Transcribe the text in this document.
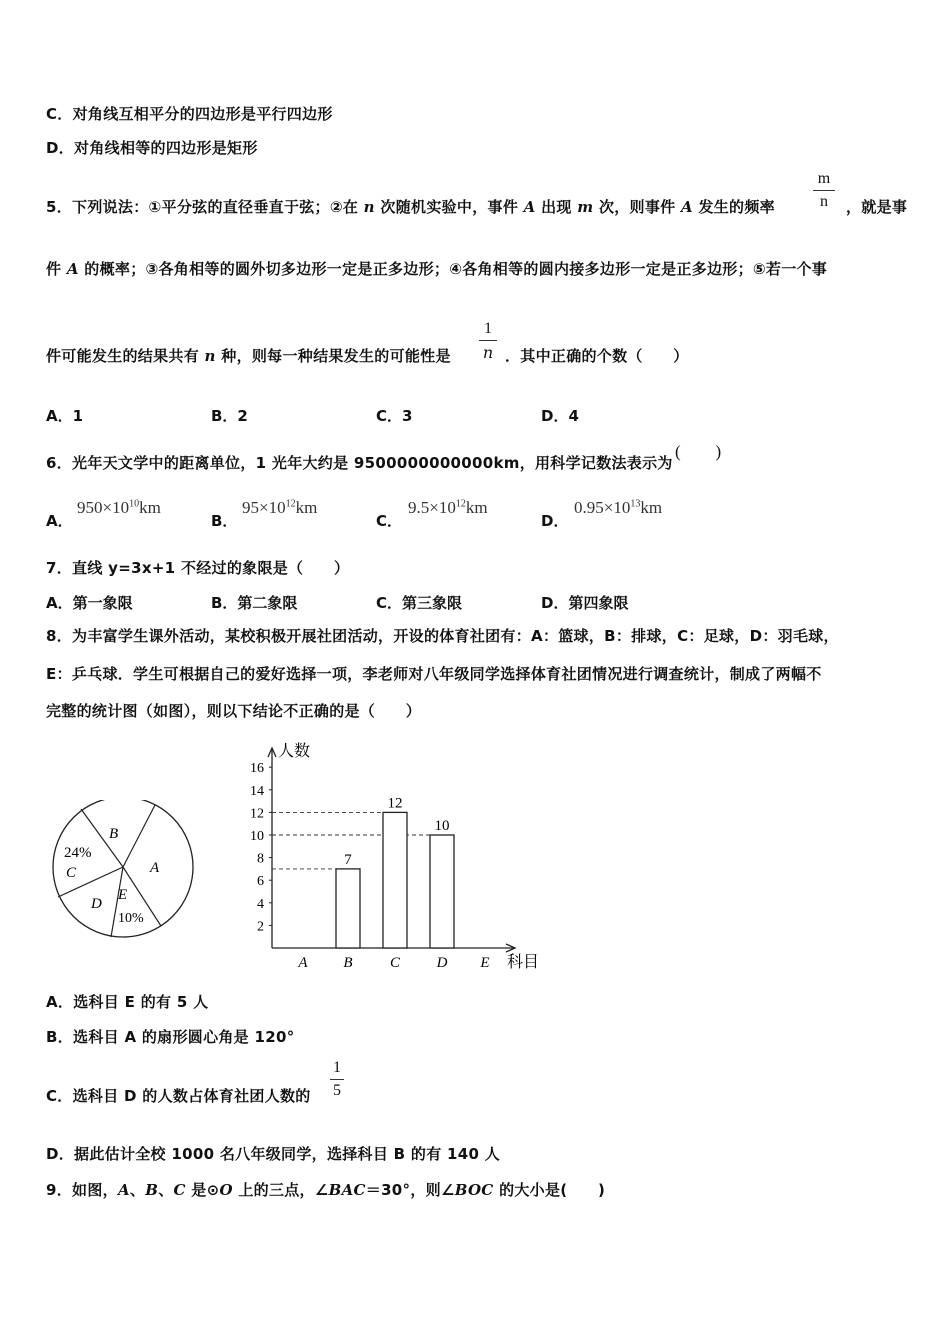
C．对角线互相平分的四边形是平行四边形
D．对角线相等的四边形是矩形
5．下列说法：①平分弦的直径垂直于弦；②在 n 次随机实验中，事件 A 出现 m 次，则事件 A 发生的频率
m
n	，就是事
件 A 的概率；③各角相等的圆外切多边形一定是正多边形；④各角相等的圆内接多边形一定是正多边形；⑤若一个事
件可能发生的结果共有 n 种，则每一种结果发生的可能性是
1
n ．其中正确的个数（　　）
A．1	B．2	C．3	D．4
6．光年天文学中的距离单位，1 光年大约是 9500000000000km，用科学记数法表示为
(　　)
A．
$950\times 10^{10}km$
B．
$95\times 10^{12}km$
C．
$9.5\times 10^{12}km$
D．
$0.95\times 10^{13}km$
7．直线 y=3x+1 不经过的象限是（　　）
A．第一象限	B．第二象限	C．第三象限	D．第四象限
8．为丰富学生课外活动，某校积极开展社团活动，开设的体育社团有：A：篮球，B：排球，C：足球，D：羽毛球，
E：乒乓球．学生可根据自己的爱好选择一项，李老师对八年级同学选择体育社团情况进行调查统计，制成了两幅不
完整的统计图（如图），则以下结论不正确的是（　　）
B
A
24%
C
D
E
10%
人数
科目
2
4
6
8
10
12
14
16
7
12
10
A B C D E
A．选科目 E 的有 5 人
B．选科目 A 的扇形圆心角是 120°
C．选科目 D 的人数占体育社团人数的
1
5
D．据此估计全校 1000 名八年级同学，选择科目 B 的有 140 人
9．如图，A、B、C 是⊙O 上的三点，∠BAC＝30°，则∠BOC 的大小是(　　)
